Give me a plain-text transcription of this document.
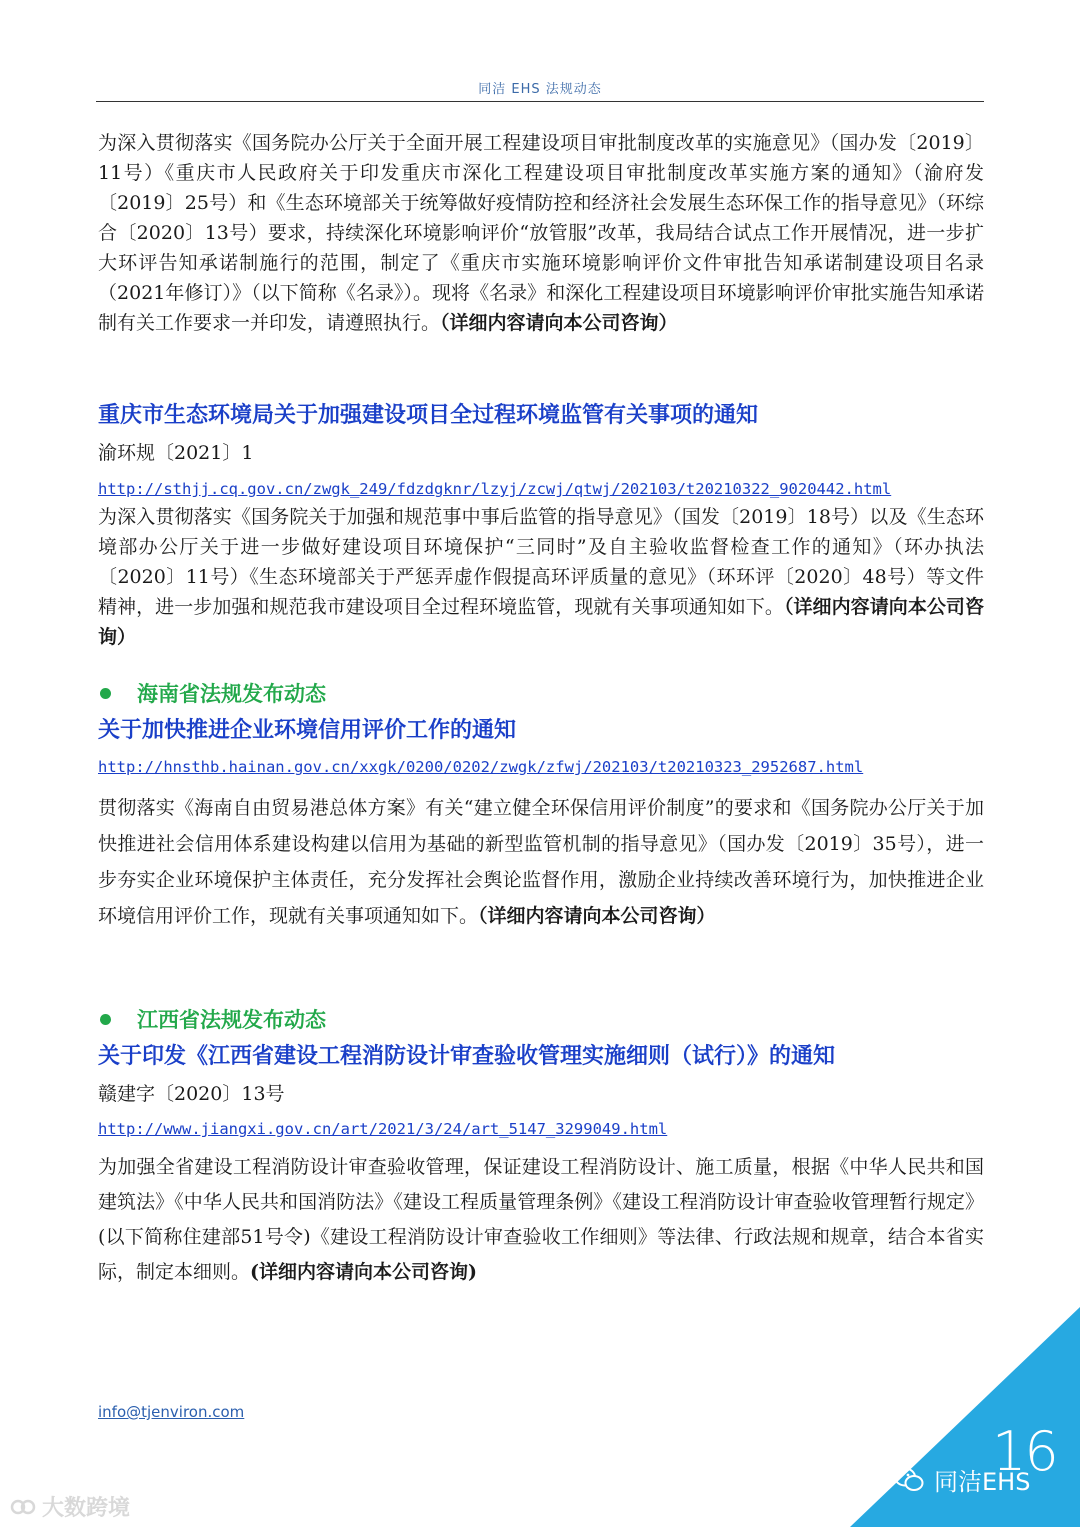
同洁 EHS 法规动态

为深入贯彻落实《国务院办公厅关于全面开展工程建设项目审批制度改革的实施意见》（国办发〔2019〕11号）《重庆市人民政府关于印发重庆市深化工程建设项目审批制度改革实施方案的通知》（渝府发〔2019〕25号）和《生态环境部关于统筹做好疫情防控和经济社会发展生态环保工作的指导意见》（环综合〔2020〕13号）要求，持续深化环境影响评价“放管服”改革，我局结合试点工作开展情况，进一步扩大环评告知承诺制施行的范围，制定了《重庆市实施环境影响评价文件审批告知承诺制建设项目名录（2021年修订）》（以下简称《名录》）。现将《名录》和深化工程建设项目环境影响评价审批实施告知承诺制有关工作要求一并印发，请遵照执行。（详细内容请向本公司咨询）

重庆市生态环境局关于加强建设项目全过程环境监管有关事项的通知

渝环规〔2021〕1

http://sthjj.cq.gov.cn/zwgk_249/fdzdgknr/lzyj/zcwj/qtwj/202103/t20210322_9020442.html

为深入贯彻落实《国务院关于加强和规范事中事后监管的指导意见》（国发〔2019〕18号）以及《生态环境部办公厅关于进一步做好建设项目环境保护“三同时”及自主验收监督检查工作的通知》（环办执法〔2020〕11号）《生态环境部关于严惩弄虚作假提高环评质量的意见》（环环评〔2020〕48号）等文件精神，进一步加强和规范我市建设项目全过程环境监管，现就有关事项通知如下。（详细内容请向本公司咨询）

海南省法规发布动态
关于加快推进企业环境信用评价工作的通知
http://hnsthb.hainan.gov.cn/xxgk/0200/0202/zwgk/zfwj/202103/t20210323_2952687.html

贯彻落实《海南自由贸易港总体方案》有关“建立健全环保信用评价制度”的要求和《国务院办公厅关于加快推进社会信用体系建设构建以信用为基础的新型监管机制的指导意见》（国办发〔2019〕35号），进一步夯实企业环境保护主体责任，充分发挥社会舆论监督作用，激励企业持续改善环境行为，加快推进企业环境信用评价工作，现就有关事项通知如下。（详细内容请向本公司咨询）

江西省法规发布动态
关于印发《江西省建设工程消防设计审查验收管理实施细则（试行）》的通知

赣建字〔2020〕13号

http://www.jiangxi.gov.cn/art/2021/3/24/art_5147_3299049.html

为加强全省建设工程消防设计审查验收管理，保证建设工程消防设计、施工质量，根据《中华人民共和国建筑法》《中华人民共和国消防法》《建设工程质量管理条例》《建设工程消防设计审查验收管理暂行规定》(以下简称住建部51号令)《建设工程消防设计审查验收工作细则》等法律、行政法规和规章，结合本省实际，制定本细则。(详细内容请向本公司咨询)

info@tjenviron.com
16
同洁EHS
大数跨境
